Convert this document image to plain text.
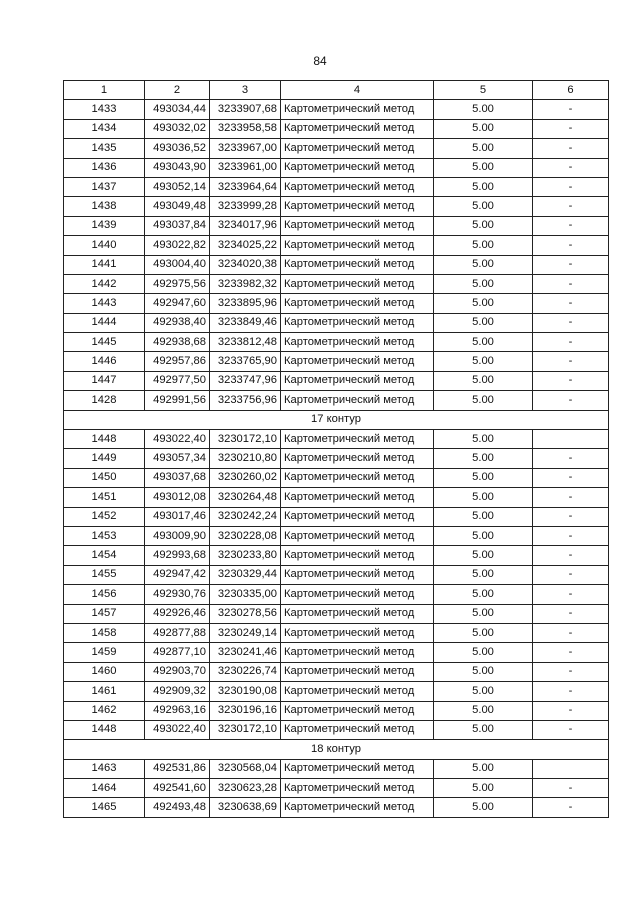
84
1	2	3	4	5	6
1433	493034,44	3233907,68	Картометрический метод	5.00	-
1434	493032,02	3233958,58	Картометрический метод	5.00	-
1435	493036,52	3233967,00	Картометрический метод	5.00	-
1436	493043,90	3233961,00	Картометрический метод	5.00	-
1437	493052,14	3233964,64	Картометрический метод	5.00	-
1438	493049,48	3233999,28	Картометрический метод	5.00	-
1439	493037,84	3234017,96	Картометрический метод	5.00	-
1440	493022,82	3234025,22	Картометрический метод	5.00	-
1441	493004,40	3234020,38	Картометрический метод	5.00	-
1442	492975,56	3233982,32	Картометрический метод	5.00	-
1443	492947,60	3233895,96	Картометрический метод	5.00	-
1444	492938,40	3233849,46	Картометрический метод	5.00	-
1445	492938,68	3233812,48	Картометрический метод	5.00	-
1446	492957,86	3233765,90	Картометрический метод	5.00	-
1447	492977,50	3233747,96	Картометрический метод	5.00	-
1428	492991,56	3233756,96	Картометрический метод	5.00	-
17 контур					
1448	493022,40	3230172,10	Картометрический метод	5.00	
1449	493057,34	3230210,80	Картометрический метод	5.00	-
1450	493037,68	3230260,02	Картометрический метод	5.00	-
1451	493012,08	3230264,48	Картометрический метод	5.00	-
1452	493017,46	3230242,24	Картометрический метод	5.00	-
1453	493009,90	3230228,08	Картометрический метод	5.00	-
1454	492993,68	3230233,80	Картометрический метод	5.00	-
1455	492947,42	3230329,44	Картометрический метод	5.00	-
1456	492930,76	3230335,00	Картометрический метод	5.00	-
1457	492926,46	3230278,56	Картометрический метод	5.00	-
1458	492877,88	3230249,14	Картометрический метод	5.00	-
1459	492877,10	3230241,46	Картометрический метод	5.00	-
1460	492903,70	3230226,74	Картометрический метод	5.00	-
1461	492909,32	3230190,08	Картометрический метод	5.00	-
1462	492963,16	3230196,16	Картометрический метод	5.00	-
1448	493022,40	3230172,10	Картометрический метод	5.00	-
18 контур					
1463	492531,86	3230568,04	Картометрический метод	5.00	
1464	492541,60	3230623,28	Картометрический метод	5.00	-
1465	492493,48	3230638,69	Картометрический метод	5.00	-
